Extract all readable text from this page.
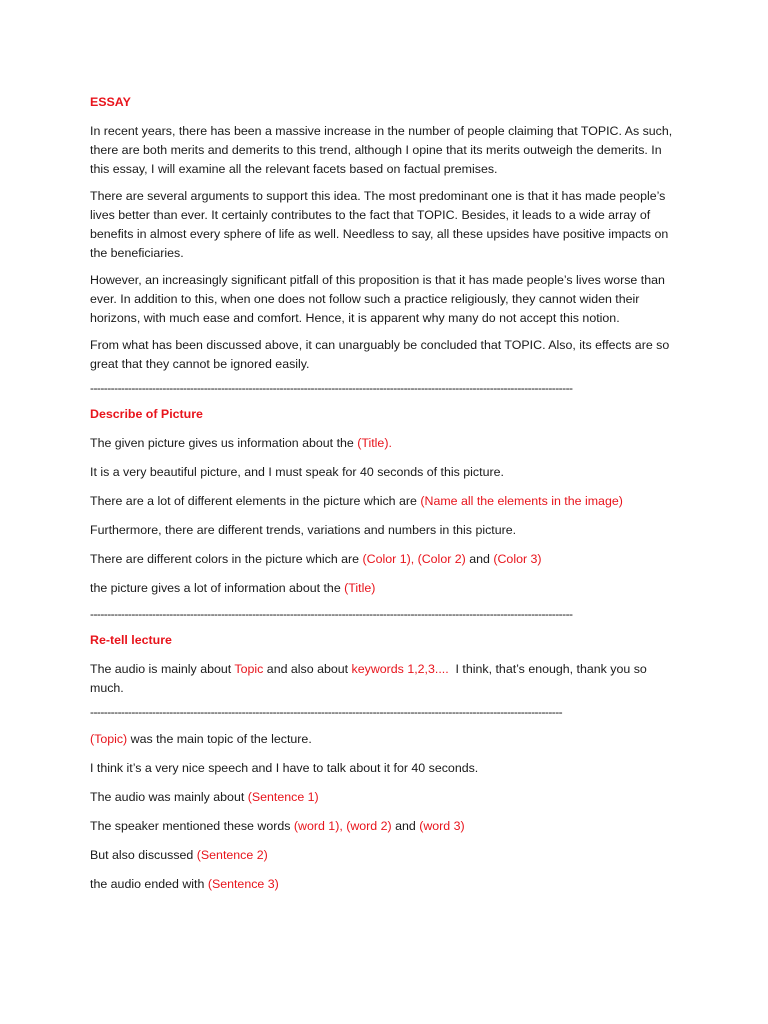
ESSAY

In recent years, there has been a massive increase in the number of people claiming that TOPIC. As such, there are both merits and demerits to this trend, although I opine that its merits outweigh the demerits. In this essay, I will examine all the relevant facets based on factual premises.

There are several arguments to support this idea. The most predominant one is that it has made people’s lives better than ever. It certainly contributes to the fact that TOPIC. Besides, it leads to a wide array of benefits in almost every sphere of life as well. Needless to say, all these upsides have positive impacts on the beneficiaries.

However, an increasingly significant pitfall of this proposition is that it has made people’s lives worse than ever. In addition to this, when one does not follow such a practice religiously, they cannot widen their horizons, with much ease and comfort. Hence, it is apparent why many do not accept this notion.

From what has been discussed above, it can unarguably be concluded that TOPIC. Also, its effects are so great that they cannot be ignored easily.

--------------------------------------------------------------------------------------------------------------------------------------------
Describe of Picture
The given picture gives us information about the (Title).
It is a very beautiful picture, and I must speak for 40 seconds of this picture.
There are a lot of different elements in the picture which are (Name all the elements in the image)
Furthermore, there are different trends, variations and numbers in this picture.
There are different colors in the picture which are (Color 1), (Color 2) and (Color 3)
the picture gives a lot of information about the (Title)
--------------------------------------------------------------------------------------------------------------------------------------------
Re-tell lecture

The audio is mainly about Topic and also about keywords 1,2,3....  I think, that’s enough, thank you so much.

-----------------------------------------------------------------------------------------------------------------------------------------
(Topic) was the main topic of the lecture.
I think it’s a very nice speech and I have to talk about it for 40 seconds.
The audio was mainly about (Sentence 1)
The speaker mentioned these words (word 1), (word 2) and (word 3)
But also discussed (Sentence 2)
the audio ended with (Sentence 3)
